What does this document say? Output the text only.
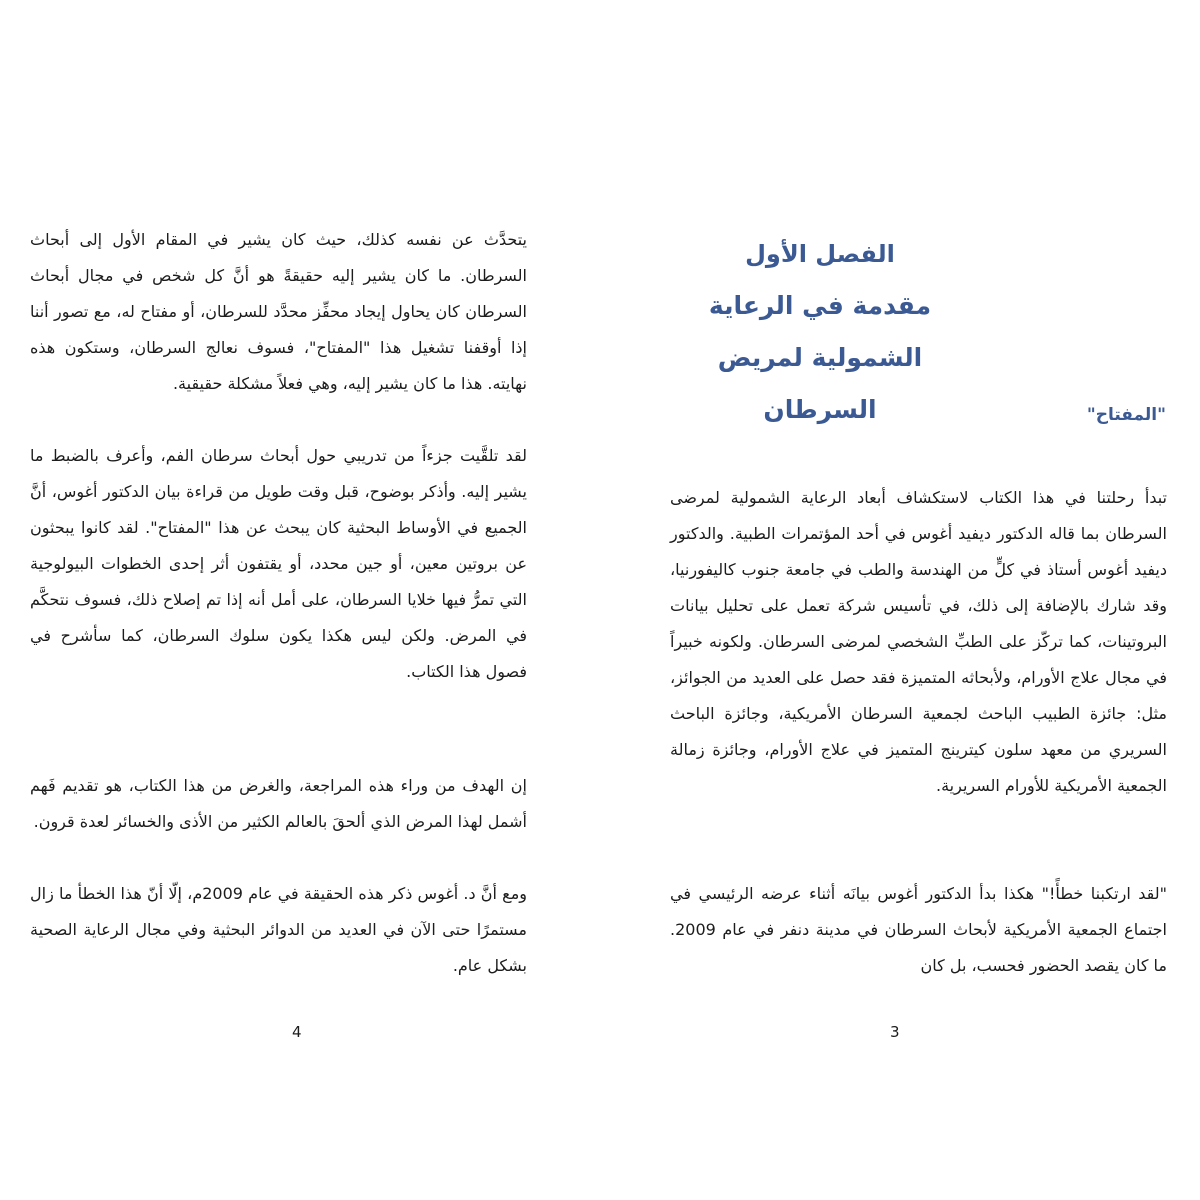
الفصل الأول
مقدمة في الرعاية الشمولية لمريض السرطان	"المفتاح"

تبدأ رحلتنا في هذا الكتاب لاستكشاف أبعاد الرعاية الشمولية لمرضى السرطان بما قاله الدكتور ديفيد أغوس في أحد المؤتمرات الطبية. والدكتور ديفيد أغوس أستاذ في كلٍّ من الهندسة والطب في جامعة جنوب كاليفورنيا، وقد شارك بالإضافة إلى ذلك، في تأسيس شركة تعمل على تحليل بيانات البروتينات، كما تركّز على الطبِّ الشخصي لمرضى السرطان. ولكونه خبيراً في مجال علاج الأورام، ولأبحاثه المتميزة فقد حصل على العديد من الجوائز، مثل: جائزة الطبيب الباحث لجمعية السرطان الأمريكية، وجائزة الباحث السريري من معهد سلون كيترينج المتميز في علاج الأورام، وجائزة زمالة الجمعية الأمريكية للأورام السريرية.

"لقد ارتكبنا خطأً!" هكذا بدأ الدكتور أغوس بيانَه أثناء عرضه الرئيسي في اجتماع الجمعية الأمريكية لأبحاث السرطان في مدينة دنفر في عام 2009. ما كان يقصد الحضور فحسب، بل كان

3

يتحدَّث عن نفسه كذلك، حيث كان يشير في المقام الأول إلى أبحاث السرطان. ما كان يشير إليه حقيقةً هو أنَّ كل شخص في مجال أبحاث السرطان كان يحاول إيجاد محفِّز محدَّد للسرطان، أو مفتاح له، مع تصور أننا إذا أوقفنا تشغيل هذا "المفتاح"، فسوف نعالج السرطان، وستكون هذه نهايته. هذا ما كان يشير إليه، وهي فعلاً مشكلة حقيقية.

لقد تلقَّيت جزءاً من تدريبي حول أبحاث سرطان الفم، وأعرف بالضبط ما يشير إليه. وأذكر بوضوح، قبل وقت طويل من قراءة بيان الدكتور أغوس، أنَّ الجميع في الأوساط البحثية كان يبحث عن هذا "المفتاح". لقد كانوا يبحثون عن بروتين معين، أو جين محدد، أو يقتفون أثر إحدى الخطوات البيولوجية التي تمرُّ فيها خلايا السرطان، على أمل أنه إذا تم إصلاح ذلك، فسوف نتحكَّم في المرض. ولكن ليس هكذا يكون سلوك السرطان، كما سأشرح في فصول هذا الكتاب.

إن الهدف من وراء هذه المراجعة، والغرض من هذا الكتاب، هو تقديم فَهم أشمل لهذا المرض الذي ألحقَ بالعالم الكثير من الأذى والخسائر لعدة قرون.

ومع أنَّ د. أغوس ذكر هذه الحقيقة في عام 2009م، إلّا أنّ هذا الخطأ ما زال مستمرًا حتى الآن في العديد من الدوائر البحثية وفي مجال الرعاية الصحية بشكل عام.

4
